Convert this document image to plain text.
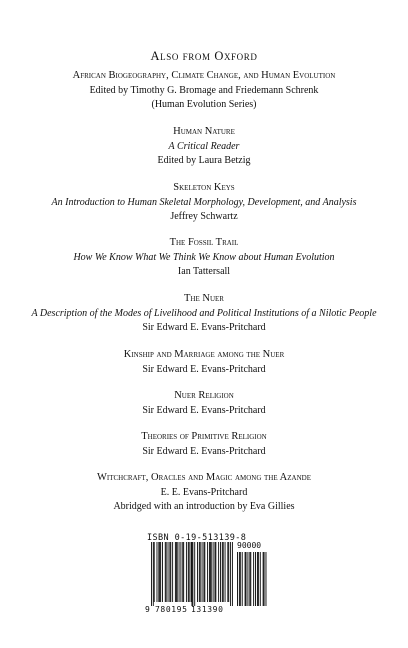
Also from Oxford
African Biogeography, Climate Change, and Human Evolution
Edited by Timothy G. Bromage and Friedemann Schrenk
(Human Evolution Series)
Human Nature
A Critical Reader
Edited by Laura Betzig
Skeleton Keys
An Introduction to Human Skeletal Morphology, Development, and Analysis
Jeffrey Schwartz
The Fossil Trail
How We Know What We Think We Know about Human Evolution
Ian Tattersall
The Nuer
A Description of the Modes of Livelihood and Political Institutions of a Nilotic People
Sir Edward E. Evans-Pritchard
Kinship and Marriage among the Nuer
Sir Edward E. Evans-Pritchard
Nuer Religion
Sir Edward E. Evans-Pritchard
Theories of Primitive Religion
Sir Edward E. Evans-Pritchard
Witchcraft, Oracles and Magic among the Azande
E. E. Evans-Pritchard
Abridged with an introduction by Eva Gillies
ISBN 0-19-513139-8
90000
9 780195 131390
